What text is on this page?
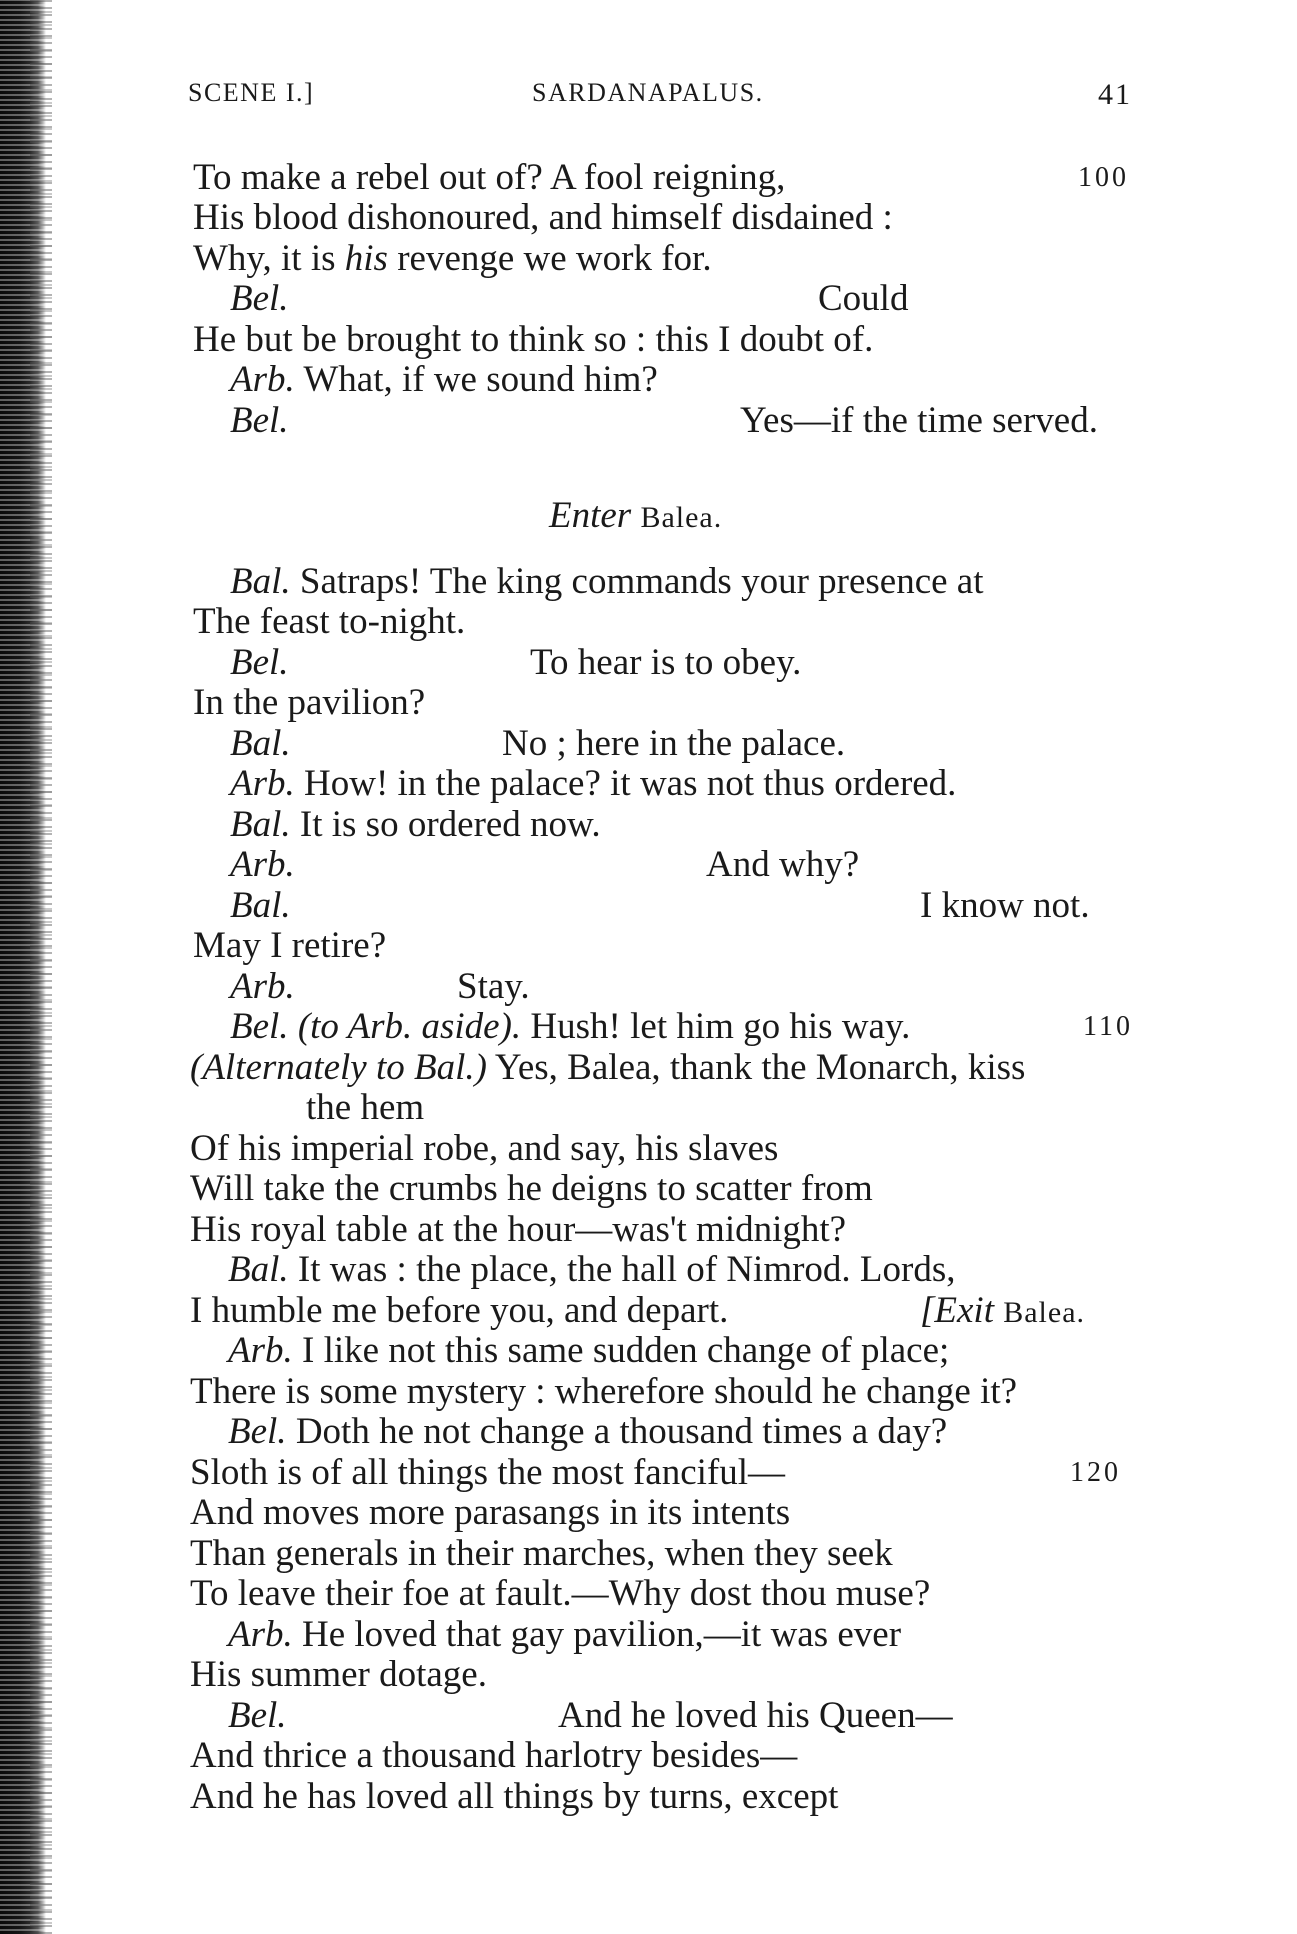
SCENE I.]	SARDANAPALUS.	41
To make a rebel out of? A fool reigning,	100
His blood dishonoured, and himself disdained :
Why, it is his revenge we work for.
Bel.	Could
He but be brought to think so : this I doubt of.
Arb. What, if we sound him?
Bel.	Yes—if the time served.
Enter Balea.
Bal. Satraps! The king commands your presence at
The feast to-night.
Bel.	To hear is to obey.
In the pavilion?
Bal.	No ; here in the palace.
Arb. How! in the palace? it was not thus ordered.
Bal. It is so ordered now.
Arb.	And why?
Bal.	I know not.
May I retire?
Arb.	Stay.
Bel. (to Arb. aside). Hush! let him go his way.	110
(Alternately to Bal.) Yes, Balea, thank the Monarch, kiss
the hem
Of his imperial robe, and say, his slaves
Will take the crumbs he deigns to scatter from
His royal table at the hour—was't midnight?
Bal. It was : the place, the hall of Nimrod. Lords,
I humble me before you, and depart.	[Exit Balea.
Arb. I like not this same sudden change of place;
There is some mystery : wherefore should he change it?
Bel. Doth he not change a thousand times a day?
Sloth is of all things the most fanciful—	120
And moves more parasangs in its intents
Than generals in their marches, when they seek
To leave their foe at fault.—Why dost thou muse?
Arb. He loved that gay pavilion,—it was ever
His summer dotage.
Bel.	And he loved his Queen—
And thrice a thousand harlotry besides—
And he has loved all things by turns, except
